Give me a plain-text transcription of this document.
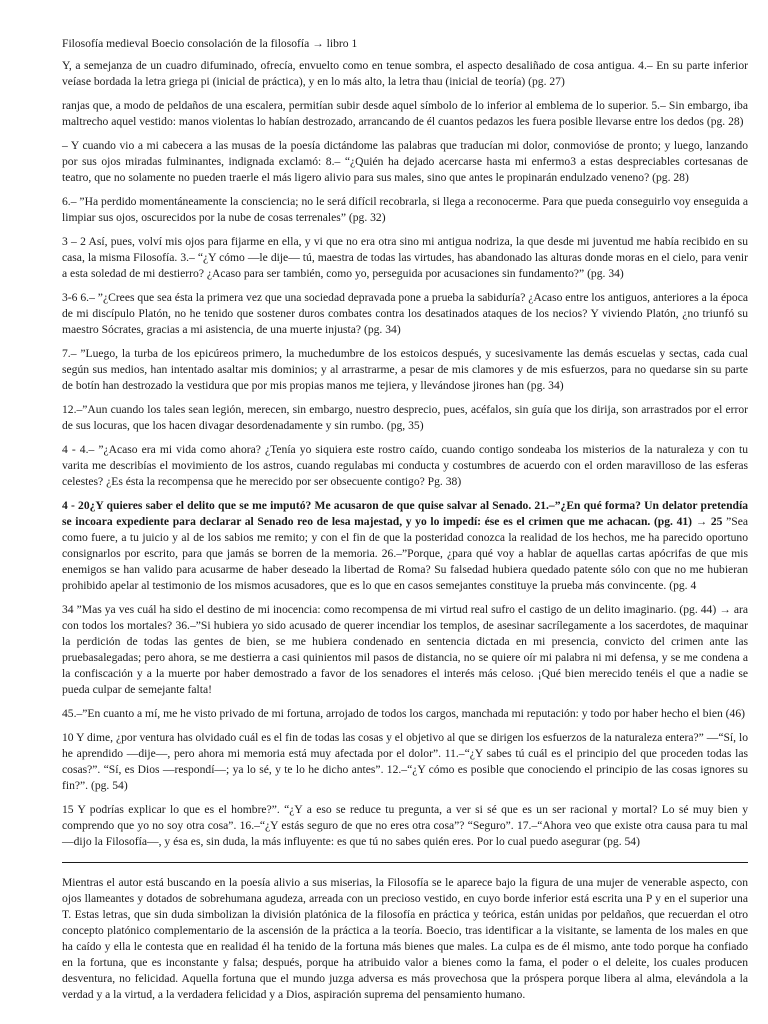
Filosofía medieval Boecio consolación de la filosofía → libro 1

Y, a semejanza de un cuadro difuminado, ofrecía, envuelto como en tenue sombra, el aspecto desaliñado de cosa antigua. 4.– En su parte inferior veíase bordada la letra griega pi (inicial de práctica), y en lo más alto, la letra thau (inicial de teoría) (pg. 27)

ranjas que, a modo de peldaños de una escalera, permitían subir desde aquel símbolo de lo inferior al emblema de lo superior. 5.– Sin embargo, iba maltrecho aquel vestido: manos violentas lo habían destrozado, arrancando de él cuantos pedazos les fuera posible llevarse entre los dedos (pg. 28)

– Y cuando vio a mi cabecera a las musas de la poesía dictándome las palabras que traducían mi dolor, conmovióse de pronto; y luego, lanzando por sus ojos miradas fulminantes, indignada exclamó: 8.– “¿Quién ha dejado acercarse hasta mi enfermo3 a estas despreciables cortesanas de teatro, que no solamente no pueden traerle el más ligero alivio para sus males, sino que antes le propinarán endulzado veneno? (pg. 28)

6.– ”Ha perdido momentáneamente la consciencia; no le será difícil recobrarla, si llega a reconocerme. Para que pueda conseguirlo voy enseguida a limpiar sus ojos, oscurecidos por la nube de cosas terrenales” (pg. 32)

3 – 2 Así, pues, volví mis ojos para fijarme en ella, y vi que no era otra sino mi antigua nodriza, la que desde mi juventud me había recibido en su casa, la misma Filosofía. 3.– “¿Y cómo —le dije— tú, maestra de todas las virtudes, has abandonado las alturas donde moras en el cielo, para venir a esta soledad de mi destierro? ¿Acaso para ser también, como yo, perseguida por acusaciones sin fundamento?” (pg. 34)

3-6 6.– ”¿Crees que sea ésta la primera vez que una sociedad depravada pone a prueba la sabiduría? ¿Acaso entre los antiguos, anteriores a la época de mi discípulo Platón, no he tenido que sostener duros combates contra los desatinados ataques de los necios? Y viviendo Platón, ¿no triunfó su maestro Sócrates, gracias a mi asistencia, de una muerte injusta? (pg. 34)

7.– ”Luego, la turba de los epicúreos primero, la muchedumbre de los estoicos después, y sucesivamente las demás escuelas y sectas, cada cual según sus medios, han intentado asaltar mis dominios; y al arrastrarme, a pesar de mis clamores y de mis esfuerzos, para no quedarse sin su parte de botín han destrozado la vestidura que por mis propias manos me tejiera, y llevándose jirones han (pg. 34)

12.–”Aun cuando los tales sean legión, merecen, sin embargo, nuestro desprecio, pues, acéfalos, sin guía que los dirija, son arrastrados por el error de sus locuras, que los hacen divagar desordenadamente y sin rumbo. (pg, 35)

4 - 4.– ”¿Acaso era mi vida como ahora? ¿Tenía yo siquiera este rostro caído, cuando contigo sondeaba los misterios de la naturaleza y con tu varita me describías el movimiento de los astros, cuando regulabas mi conducta y costumbres de acuerdo con el orden maravilloso de las esferas celestes? ¿Es ésta la recompensa que he merecido por ser obsecuente contigo? Pg. 38)

4 - 20¿Y quieres saber el delito que se me imputó? Me acusaron de que quise salvar al Senado. 21.–”¿En qué forma? Un delator pretendía se incoara expediente para declarar al Senado reo de lesa majestad, y yo lo impedí: ése es el crimen que me achacan. (pg. 41) → 25 ”Sea como fuere, a tu juicio y al de los sabios me remito; y con el fin de que la posteridad conozca la realidad de los hechos, me ha parecido oportuno consignarlos por escrito, para que jamás se borren de la memoria. 26.–”Porque, ¿para qué voy a hablar de aquellas cartas apócrifas de que mis enemigos se han valido para acusarme de haber deseado la libertad de Roma? Su falsedad hubiera quedado patente sólo con que no me hubieran prohibido apelar al testimonio de los mismos acusadores, que es lo que en casos semejantes constituye la prueba más convincente. (pg. 4

34 ”Mas ya ves cuál ha sido el destino de mi inocencia: como recompensa de mi virtud real sufro el castigo de un delito imaginario. (pg. 44) → ara con todos los mortales? 36.–”Si hubiera yo sido acusado de querer incendiar los templos, de asesinar sacrílegamente a los sacerdotes, de maquinar la perdición de todas las gentes de bien, se me hubiera condenado en sentencia dictada en mi presencia, convicto del crimen ante las pruebasalegadas; pero ahora, se me destierra a casi quinientos mil pasos de distancia, no se quiere oír mi palabra ni mi defensa, y se me condena a la confiscación y a la muerte por haber demostrado a favor de los senadores el interés más celoso. ¡Qué bien merecido tenéis el que a nadie se pueda culpar de semejante falta!

45.–”En cuanto a mí, me he visto privado de mi fortuna, arrojado de todos los cargos, manchada mi reputación: y todo por haber hecho el bien (46)

10 Y dime, ¿por ventura has olvidado cuál es el fin de todas las cosas y el objetivo al que se dirigen los esfuerzos de la naturaleza entera?” —“Sí, lo he aprendido —dije—, pero ahora mi memoria está muy afectada por el dolor”. 11.–“¿Y sabes tú cuál es el principio del que proceden todas las cosas?”. “Sí, es Dios —respondí—; ya lo sé, y te lo he dicho antes”. 12.–“¿Y cómo es posible que conociendo el principio de las cosas ignores su fin?”. (pg. 54)

15 Y podrías explicar lo que es el hombre?”. “¿Y a eso se reduce tu pregunta, a ver si sé que es un ser racional y mortal? Lo sé muy bien y comprendo que yo no soy otra cosa”. 16.–“¿Y estás seguro de que no eres otra cosa”? “Seguro”. 17.–“Ahora veo que existe otra causa para tu mal —dijo la Filosofía—, y ésa es, sin duda, la más influyente: es que tú no sabes quién eres. Por lo cual puedo asegurar (pg. 54)

Mientras el autor está buscando en la poesía alivio a sus miserias, la Filosofía se le aparece bajo la figura de una mujer de venerable aspecto, con ojos llameantes y dotados de sobrehumana agudeza, arreada con un precioso vestido, en cuyo borde inferior está escrita una P y en el superior una T. Estas letras, que sin duda simbolizan la división platónica de la filosofía en práctica y teórica, están unidas por peldaños, que recuerdan el otro concepto platónico complementario de la ascensión de la práctica a la teoría. Boecio, tras identificar a la visitante, se lamenta de los males en que ha caído y ella le contesta que en realidad él ha tenido de la fortuna más bienes que males. La culpa es de él mismo, ante todo porque ha confiado en la fortuna, que es inconstante y falsa; después, porque ha atribuido valor a bienes como la fama, el poder o el deleite, los cuales producen desventura, no felicidad. Aquella fortuna que el mundo juzga adversa es más provechosa que la próspera porque libera al alma, elevándola a la verdad y a la virtud, a la verdadera felicidad y a Dios, aspiración suprema del pensamiento humano.
